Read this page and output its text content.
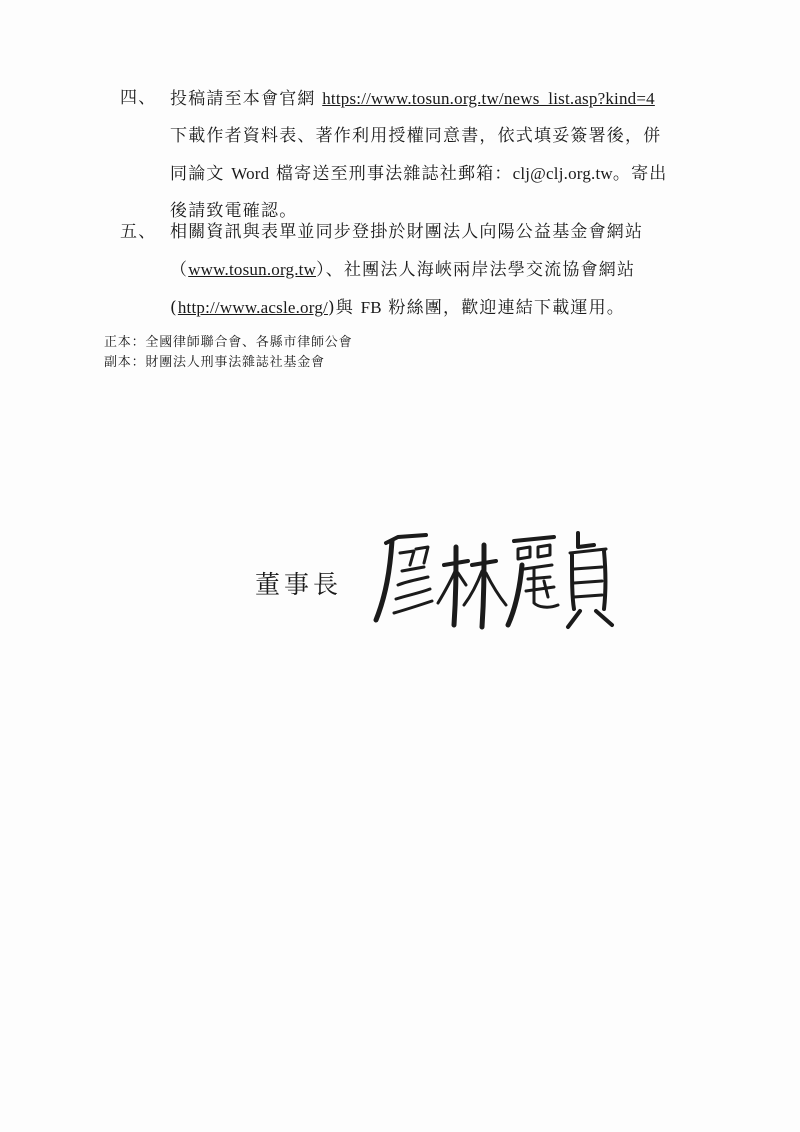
四、 投稿請至本會官網 https://www.tosun.org.tw/news_list.asp?kind=4
下載作者資料表、著作利用授權同意書，依式填妥簽署後，併
同論文 Word 檔寄送至刑事法雜誌社郵箱：clj@clj.org.tw。寄出
後請致電確認。
五、 相關資訊與表單並同步登掛於財團法人向陽公益基金會網站
（www.tosun.org.tw）、社團法人海峽兩岸法學交流協會網站
(http://www.acsle.org/)與 FB 粉絲團，歡迎連結下載運用。
正本：全國律師聯合會、各縣市律師公會
副本：財團法人刑事法雜誌社基金會
董事長
